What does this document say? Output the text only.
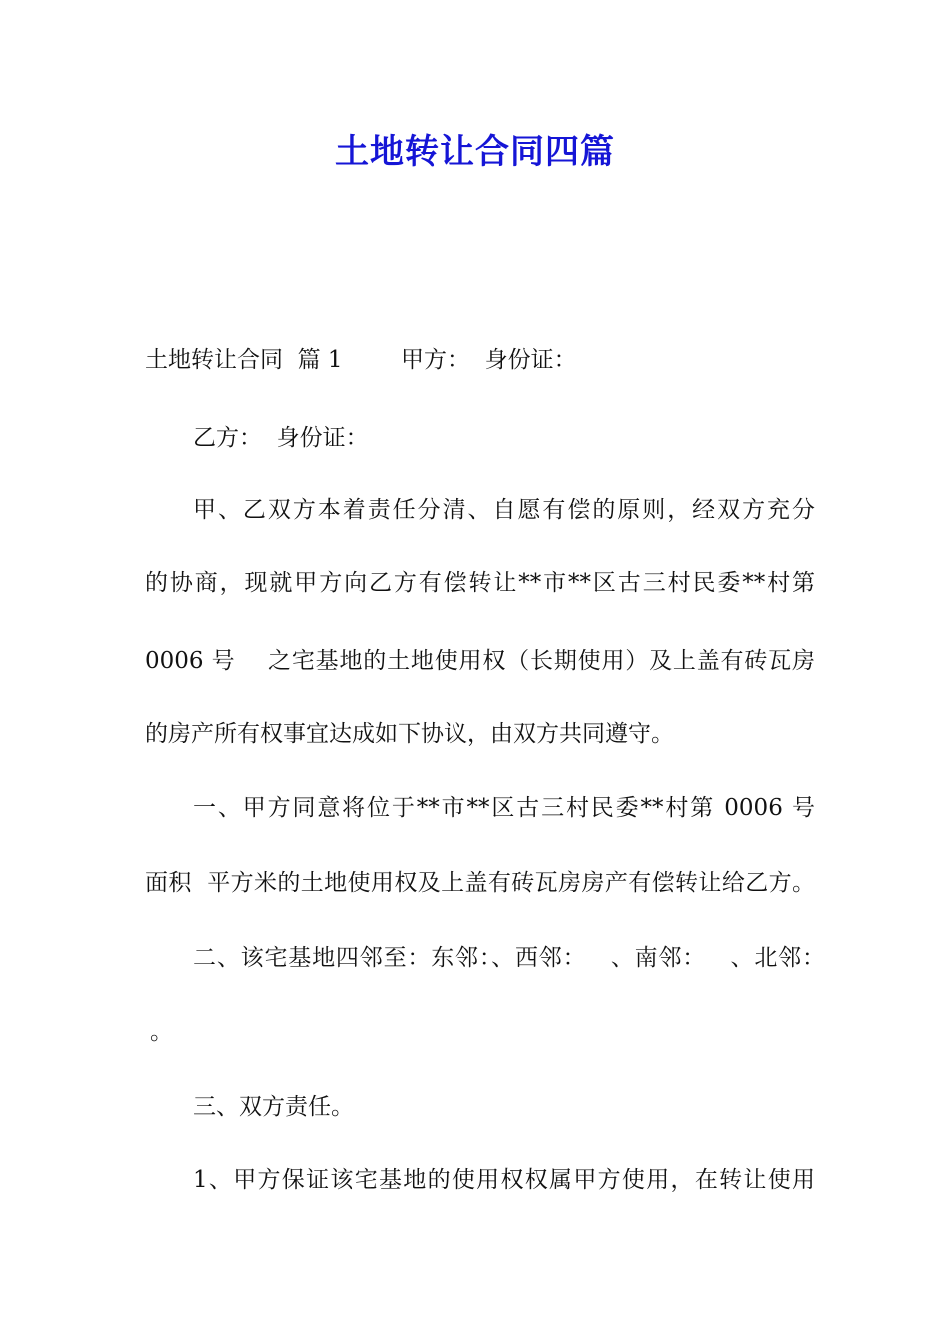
土地转让合同四篇
土地转让合同  篇 1        甲方：  身份证：
乙方：  身份证：
甲、乙双方本着责任分清、自愿有偿的原则，经双方充分
的协商，现就甲方向乙方有偿转让**市**区古三村民委**村第
0006 号    之宅基地的土地使用权（长期使用）及上盖有砖瓦房
的房产所有权事宜达成如下协议，由双方共同遵守。
一、甲方同意将位于**市**区古三村民委**村第 0006 号
面积  平方米的土地使用权及上盖有砖瓦房房产有偿转让给乙方。
二、该宅基地四邻至：东邻：、西邻：   、南邻：   、北邻：
。
三、双方责任。
1、甲方保证该宅基地的使用权权属甲方使用，在转让使用
